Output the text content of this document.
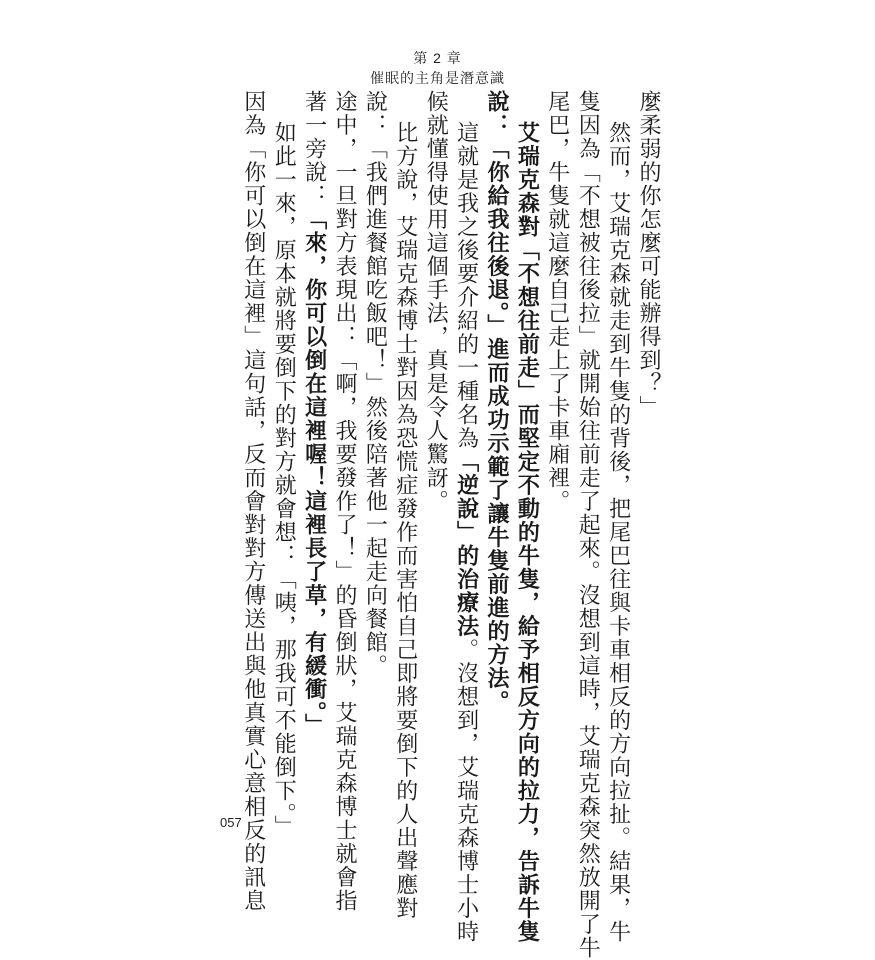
第 2 章
催眠的主角是潛意識
麼柔弱的你怎麼可能辦得到？」
然而，艾瑞克森就走到牛隻的背後，把尾巴往與卡車相反的方向拉扯。結果，牛
隻因為「不想被往後拉」就開始往前走了起來。沒想到這時，艾瑞克森突然放開了牛
尾巴，牛隻就這麼自己走上了卡車廂裡。
艾瑞克森對「不想往前走」而堅定不動的牛隻，給予相反方向的拉力，告訴牛隻
說：「你給我往後退。」進而成功示範了讓牛隻前進的方法。
這就是我之後要介紹的一種名為「逆說」的治療法。沒想到，艾瑞克森博士小時
候就懂得使用這個手法，真是令人驚訝。
比方說，艾瑞克森博士對因為恐慌症發作而害怕自己即將要倒下的人出聲應對
說：「我們進餐館吃飯吧！」然後陪著他一起走向餐館。
途中，一旦對方表現出：「啊，我要發作了！」的昏倒狀，艾瑞克森博士就會指
著一旁說：「來，你可以倒在這裡喔！這裡長了草，有緩衝。」
如此一來，原本就將要倒下的對方就會想：「咦，那我可不能倒下。」
因為「你可以倒在這裡」這句話，反而會對對方傳送出與他真實心意相反的訊息
057
